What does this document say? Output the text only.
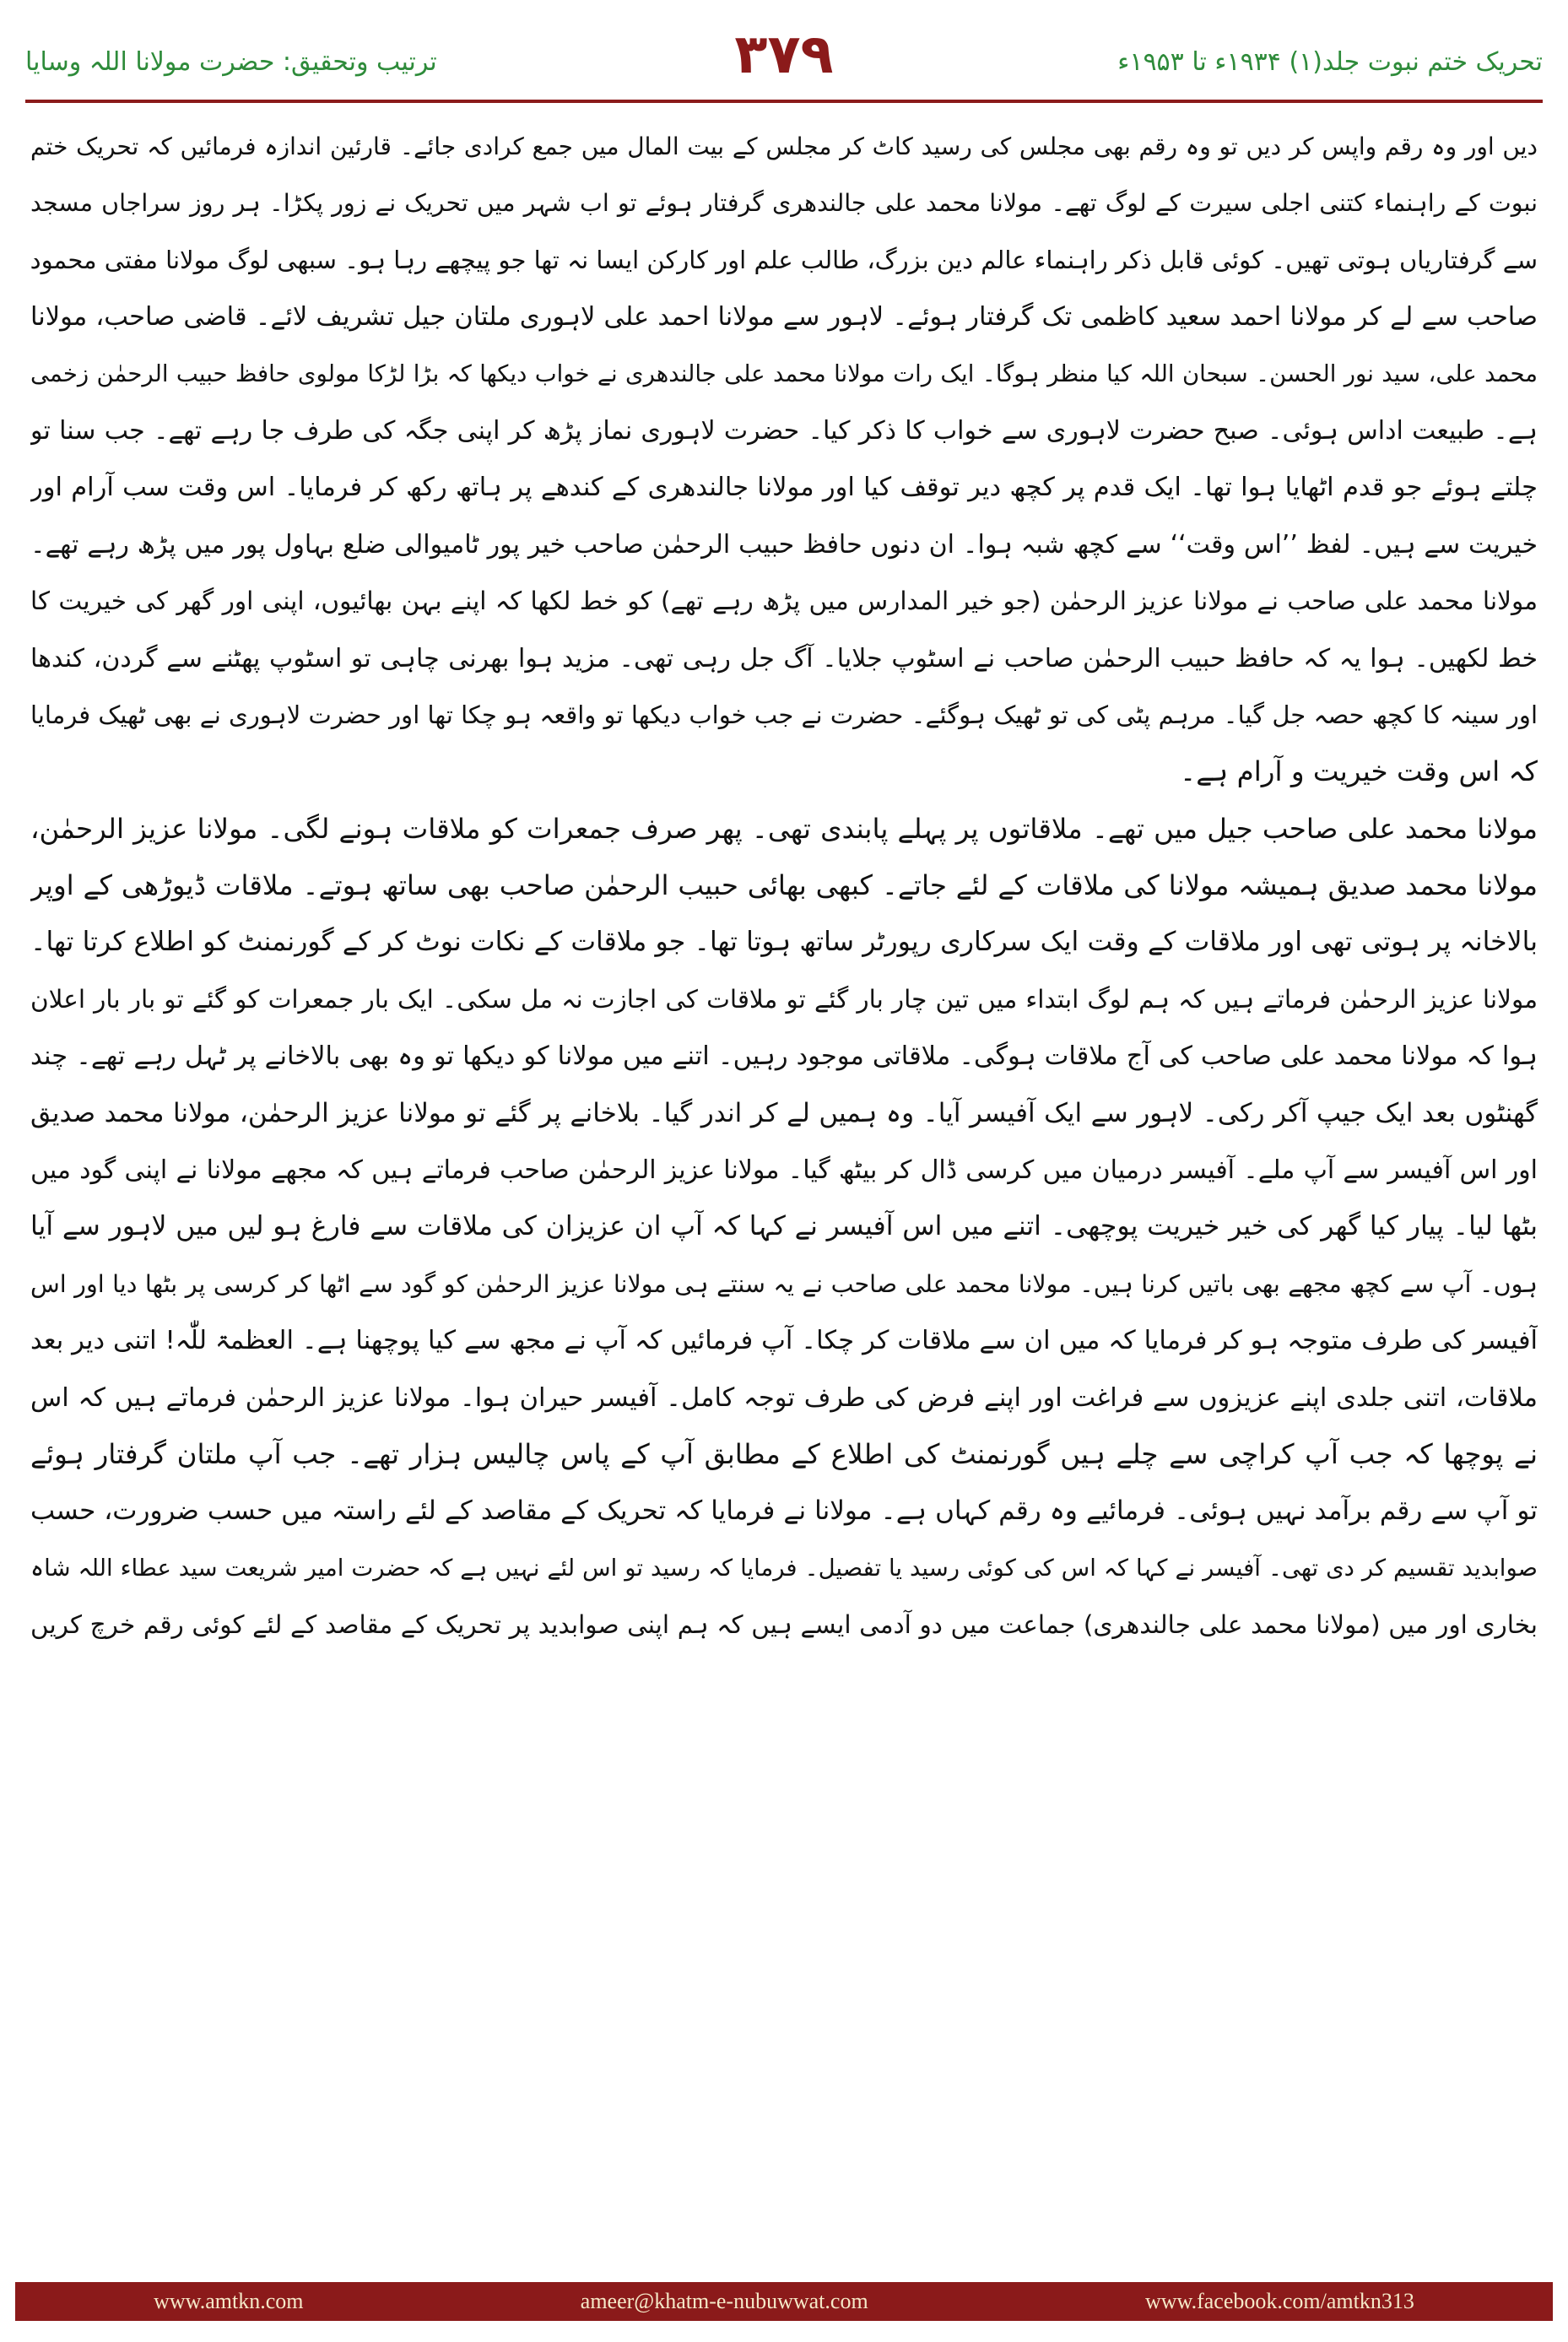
ترتیب وتحقیق: حضرت مولانا اللہ وسایا	۳۷۹	تحریک ختم نبوت جلد(۱) ۱۹۳۴ء تا ۱۹۵۳ء
دیں اور وہ رقم واپس کر دیں تو وہ رقم بھی مجلس کی رسید کاٹ کر مجلس کے بیت المال میں جمع کرادی جائے۔ قارئین اندازہ فرمائیں کہ تحریک ختم
نبوت کے راہنماء کتنی اجلی سیرت کے لوگ تھے۔ مولانا محمد علی جالندھری گرفتار ہوئے تو اب شہر میں تحریک نے زور پکڑا۔ ہر روز سراجاں مسجد
سے گرفتاریاں ہوتی تھیں۔ کوئی قابل ذکر راہنماء عالم دین بزرگ، طالب علم اور کارکن ایسا نہ تھا جو پیچھے رہا ہو۔ سبھی لوگ مولانا مفتی محمود
صاحب سے لے کر مولانا احمد سعید کاظمی تک گرفتار ہوئے۔ لاہور سے مولانا احمد علی لاہوری ملتان جیل تشریف لائے۔ قاضی صاحب، مولانا
محمد علی، سید نور الحسن۔ سبحان اللہ کیا منظر ہوگا۔ ایک رات مولانا محمد علی جالندھری نے خواب دیکھا کہ بڑا لڑکا مولوی حافظ حبیب الرحمٰن زخمی
ہے۔ طبیعت اداس ہوئی۔ صبح حضرت لاہوری سے خواب کا ذکر کیا۔ حضرت لاہوری نماز پڑھ کر اپنی جگہ کی طرف جا رہے تھے۔ جب سنا تو
چلتے ہوئے جو قدم اٹھایا ہوا تھا۔ ایک قدم پر کچھ دیر توقف کیا اور مولانا جالندھری کے کندھے پر ہاتھ رکھ کر فرمایا۔ اس وقت سب آرام اور
خیریت سے ہیں۔ لفظ ’’اس وقت‘‘ سے کچھ شبہ ہوا۔ ان دنوں حافظ حبیب الرحمٰن صاحب خیر پور ٹامیوالی ضلع بہاول پور میں پڑھ رہے تھے۔
مولانا محمد علی صاحب نے مولانا عزیز الرحمٰن (جو خیر المدارس میں پڑھ رہے تھے) کو خط لکھا کہ اپنے بہن بھائیوں، اپنی اور گھر کی خیریت کا
خط لکھیں۔ ہوا یہ کہ حافظ حبیب الرحمٰن صاحب نے اسٹوپ جلایا۔ آگ جل رہی تھی۔ مزید ہوا بھرنی چاہی تو اسٹوپ پھٹنے سے گردن، کندھا
اور سینہ کا کچھ حصہ جل گیا۔ مرہم پٹی کی تو ٹھیک ہوگئے۔ حضرت نے جب خواب دیکھا تو واقعہ ہو چکا تھا اور حضرت لاہوری نے بھی ٹھیک فرمایا
کہ اس وقت خیریت و آرام ہے۔
مولانا محمد علی صاحب جیل میں تھے۔ ملاقاتوں پر پہلے پابندی تھی۔ پھر صرف جمعرات کو ملاقات ہونے لگی۔ مولانا عزیز الرحمٰن،
مولانا محمد صدیق ہمیشہ مولانا کی ملاقات کے لئے جاتے۔ کبھی بھائی حبیب الرحمٰن صاحب بھی ساتھ ہوتے۔ ملاقات ڈیوڑھی کے اوپر
بالاخانہ پر ہوتی تھی اور ملاقات کے وقت ایک سرکاری رپورٹر ساتھ ہوتا تھا۔ جو ملاقات کے نکات نوٹ کر کے گورنمنٹ کو اطلاع کرتا تھا۔
مولانا عزیز الرحمٰن فرماتے ہیں کہ ہم لوگ ابتداء میں تین چار بار گئے تو ملاقات کی اجازت نہ مل سکی۔ ایک بار جمعرات کو گئے تو بار بار اعلان
ہوا کہ مولانا محمد علی صاحب کی آج ملاقات ہوگی۔ ملاقاتی موجود رہیں۔ اتنے میں مولانا کو دیکھا تو وہ بھی بالاخانے پر ٹہل رہے تھے۔ چند
گھنٹوں بعد ایک جیپ آکر رکی۔ لاہور سے ایک آفیسر آیا۔ وہ ہمیں لے کر اندر گیا۔ بلاخانے پر گئے تو مولانا عزیز الرحمٰن، مولانا محمد صدیق
اور اس آفیسر سے آپ ملے۔ آفیسر درمیان میں کرسی ڈال کر بیٹھ گیا۔ مولانا عزیز الرحمٰن صاحب فرماتے ہیں کہ مجھے مولانا نے اپنی گود میں
بٹھا لیا۔ پیار کیا گھر کی خیر خیریت پوچھی۔ اتنے میں اس آفیسر نے کہا کہ آپ ان عزیزان کی ملاقات سے فارغ ہو لیں میں لاہور سے آیا
ہوں۔ آپ سے کچھ مجھے بھی باتیں کرنا ہیں۔ مولانا محمد علی صاحب نے یہ سنتے ہی مولانا عزیز الرحمٰن کو گود سے اٹھا کر کرسی پر بٹھا دیا اور اس
آفیسر کی طرف متوجہ ہو کر فرمایا کہ میں ان سے ملاقات کر چکا۔ آپ فرمائیں کہ آپ نے مجھ سے کیا پوچھنا ہے۔ العظمۃ للّٰہ! اتنی دیر بعد
ملاقات، اتنی جلدی اپنے عزیزوں سے فراغت اور اپنے فرض کی طرف توجہ کامل۔ آفیسر حیران ہوا۔ مولانا عزیز الرحمٰن فرماتے ہیں کہ اس
نے پوچھا کہ جب آپ کراچی سے چلے ہیں گورنمنٹ کی اطلاع کے مطابق آپ کے پاس چالیس ہزار تھے۔ جب آپ ملتان گرفتار ہوئے
تو آپ سے رقم برآمد نہیں ہوئی۔ فرمائیے وہ رقم کہاں ہے۔ مولانا نے فرمایا کہ تحریک کے مقاصد کے لئے راستہ میں حسب ضرورت، حسب
صوابدید تقسیم کر دی تھی۔ آفیسر نے کہا کہ اس کی کوئی رسید یا تفصیل۔ فرمایا کہ رسید تو اس لئے نہیں ہے کہ حضرت امیر شریعت سید عطاء اللہ شاہ
بخاری اور میں (مولانا محمد علی جالندھری) جماعت میں دو آدمی ایسے ہیں کہ ہم اپنی صوابدید پر تحریک کے مقاصد کے لئے کوئی رقم خرچ کریں
www.amtkn.com	ameer@khatm-e-nubuwwat.com	www.facebook.com/amtkn313
